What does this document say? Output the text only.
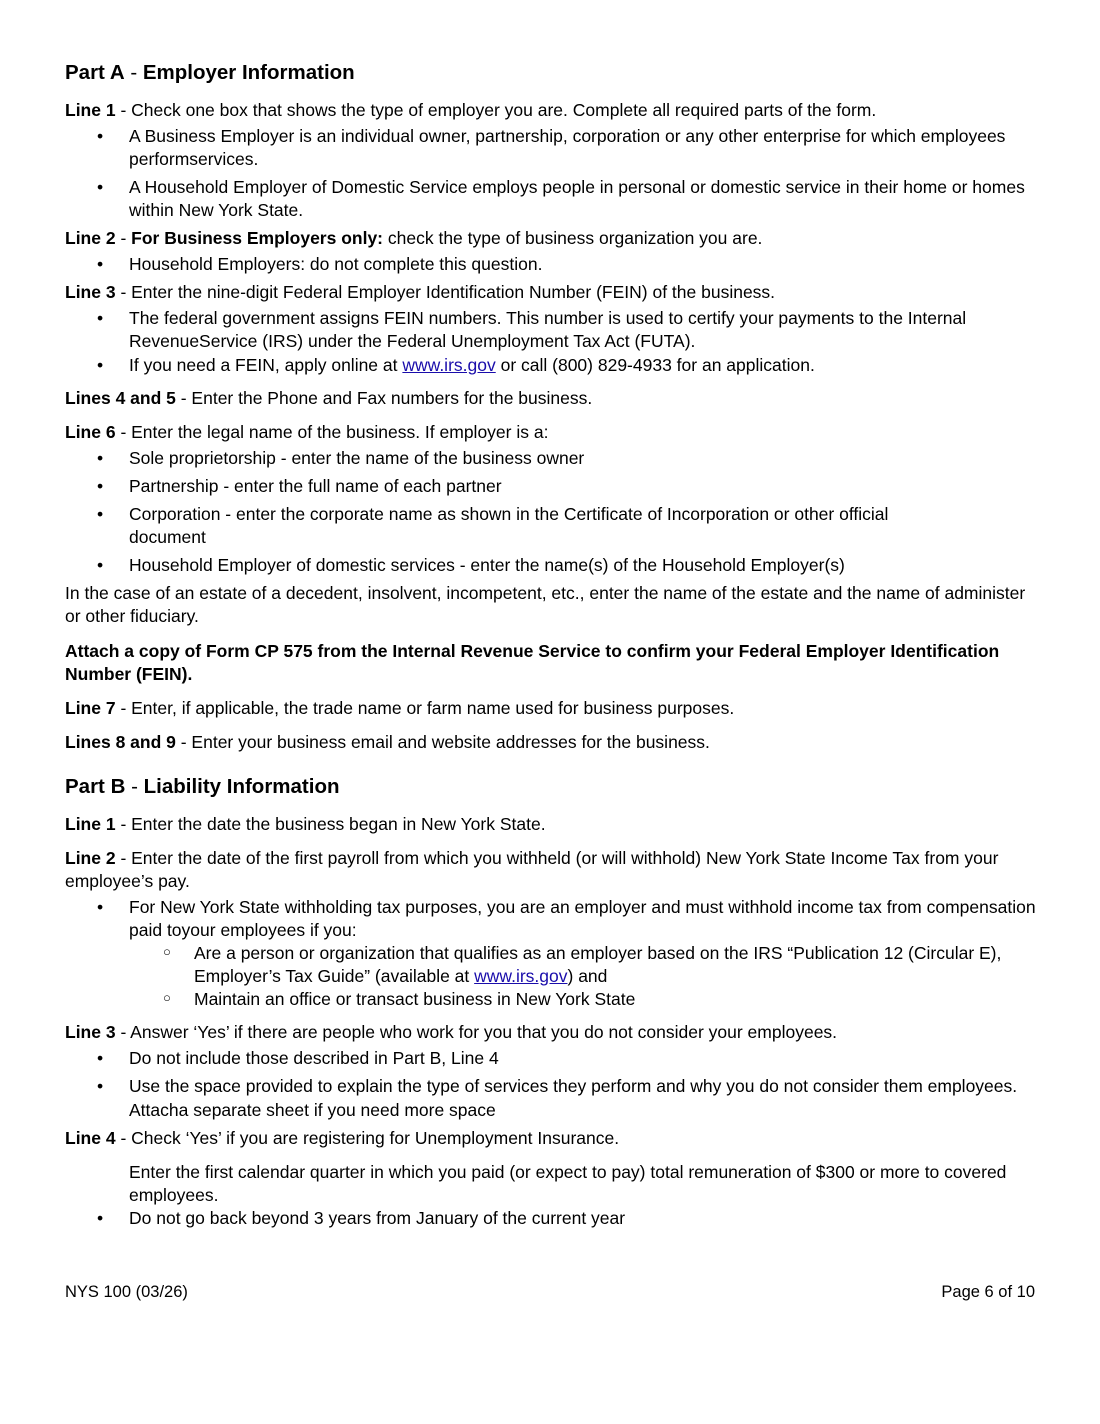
Part A - Employer Information

Line 1 - Check one box that shows the type of employer you are. Complete all required parts of the form.

• A Business Employer is an individual owner, partnership, corporation or any other enterprise for which employees performservices.
• A Household Employer of Domestic Service employs people in personal or domestic service in their home or homes within New York State.

Line 2 - For Business Employers only: check the type of business organization you are.

• Household Employers: do not complete this question.

Line 3 - Enter the nine-digit Federal Employer Identification Number (FEIN) of the business.

• The federal government assigns FEIN numbers. This number is used to certify your payments to the Internal RevenueService (IRS) under the Federal Unemployment Tax Act (FUTA).
• If you need a FEIN, apply online at www.irs.gov or call (800) 829-4933 for an application.

Lines 4 and 5 - Enter the Phone and Fax numbers for the business.

Line 6 - Enter the legal name of the business. If employer is a:

• Sole proprietorship - enter the name of the business owner
• Partnership - enter the full name of each partner
• Corporation - enter the corporate name as shown in the Certificate of Incorporation or other official document
• Household Employer of domestic services - enter the name(s) of the Household Employer(s)

In the case of an estate of a decedent, insolvent, incompetent, etc., enter the name of the estate and the name of administer or other fiduciary.

Attach a copy of Form CP 575 from the Internal Revenue Service to confirm your Federal Employer Identification Number (FEIN).

Line 7 - Enter, if applicable, the trade name or farm name used for business purposes.

Lines 8 and 9 - Enter your business email and website addresses for the business.

Part B - Liability Information

Line 1 - Enter the date the business began in New York State.

Line 2 - Enter the date of the first payroll from which you withheld (or will withhold) New York State Income Tax from your employee’s pay.

• For New York State withholding tax purposes, you are an employer and must withhold income tax from compensation paid toyour employees if you:
○ Are a person or organization that qualifies as an employer based on the IRS “Publication 12 (Circular E), Employer’s Tax Guide” (available at www.irs.gov) and
○ Maintain an office or transact business in New York State

Line 3 - Answer ‘Yes’ if there are people who work for you that you do not consider your employees.

• Do not include those described in Part B, Line 4
• Use the space provided to explain the type of services they perform and why you do not consider them employees. Attacha separate sheet if you need more space

Line 4 - Check ‘Yes’ if you are registering for Unemployment Insurance.

Enter the first calendar quarter in which you paid (or expect to pay) total remuneration of $300 or more to covered employees.

• Do not go back beyond 3 years from January of the current year
NYS 100 (03/26)	Page 6 of 10
